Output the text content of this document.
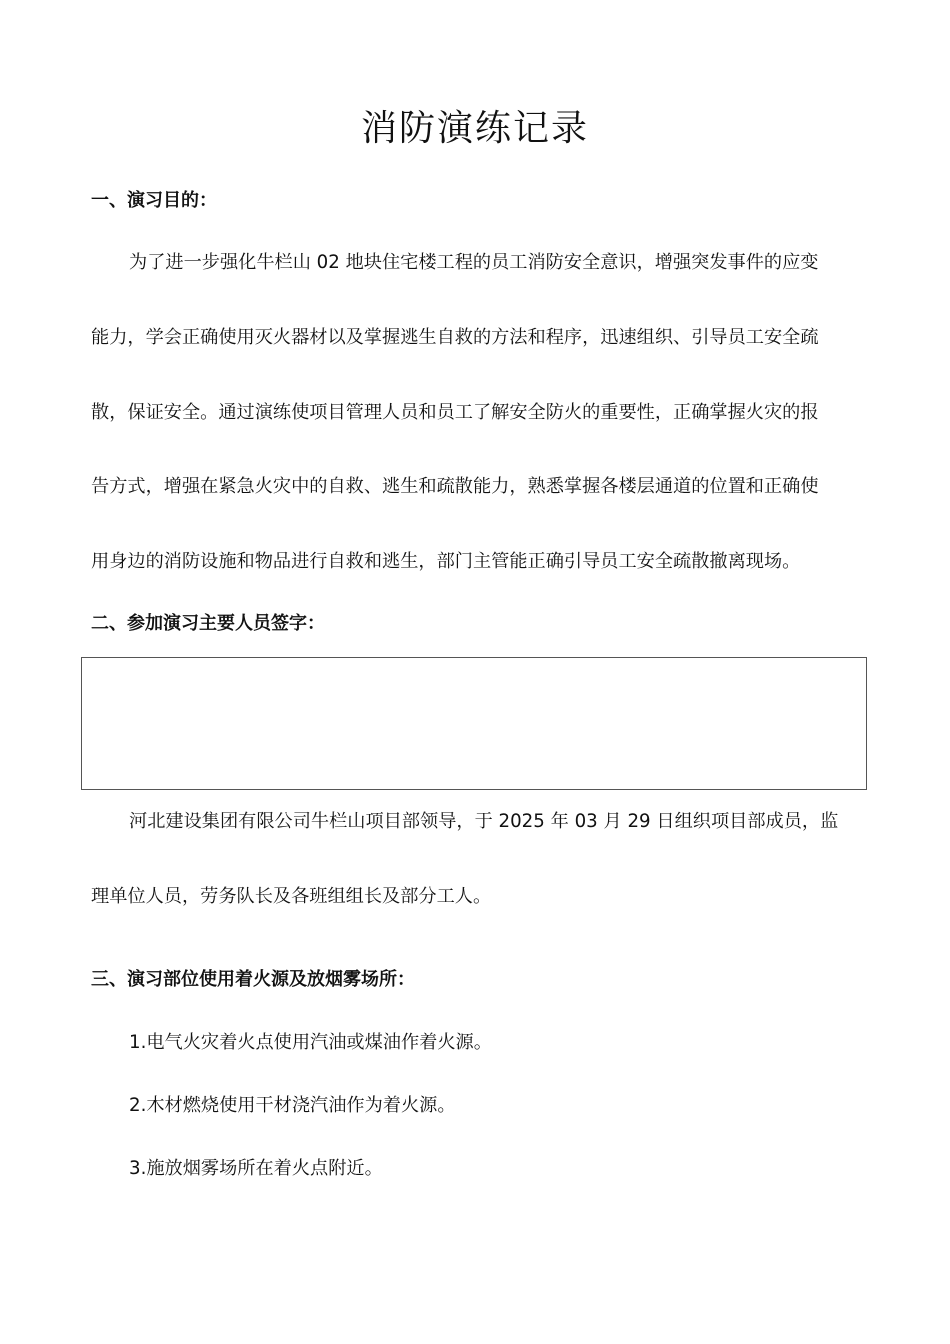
消防演练记录
一、演习目的：
为了进一步强化牛栏山 02 地块住宅楼工程的员工消防安全意识，增强突发事件的应变
能力，学会正确使用灭火器材以及掌握逃生自救的方法和程序，迅速组织、引导员工安全疏
散，保证安全。通过演练使项目管理人员和员工了解安全防火的重要性，正确掌握火灾的报
告方式，增强在紧急火灾中的自救、逃生和疏散能力，熟悉掌握各楼层通道的位置和正确使
用身边的消防设施和物品进行自救和逃生，部门主管能正确引导员工安全疏散撤离现场。
二、参加演习主要人员签字：
河北建设集团有限公司牛栏山项目部领导，于 2025 年 03 月 29 日组织项目部成员，监
理单位人员，劳务队长及各班组组长及部分工人。
三、演习部位使用着火源及放烟雾场所：
1.电气火灾着火点使用汽油或煤油作着火源。
2.木材燃烧使用干材浇汽油作为着火源。
3.施放烟雾场所在着火点附近。
